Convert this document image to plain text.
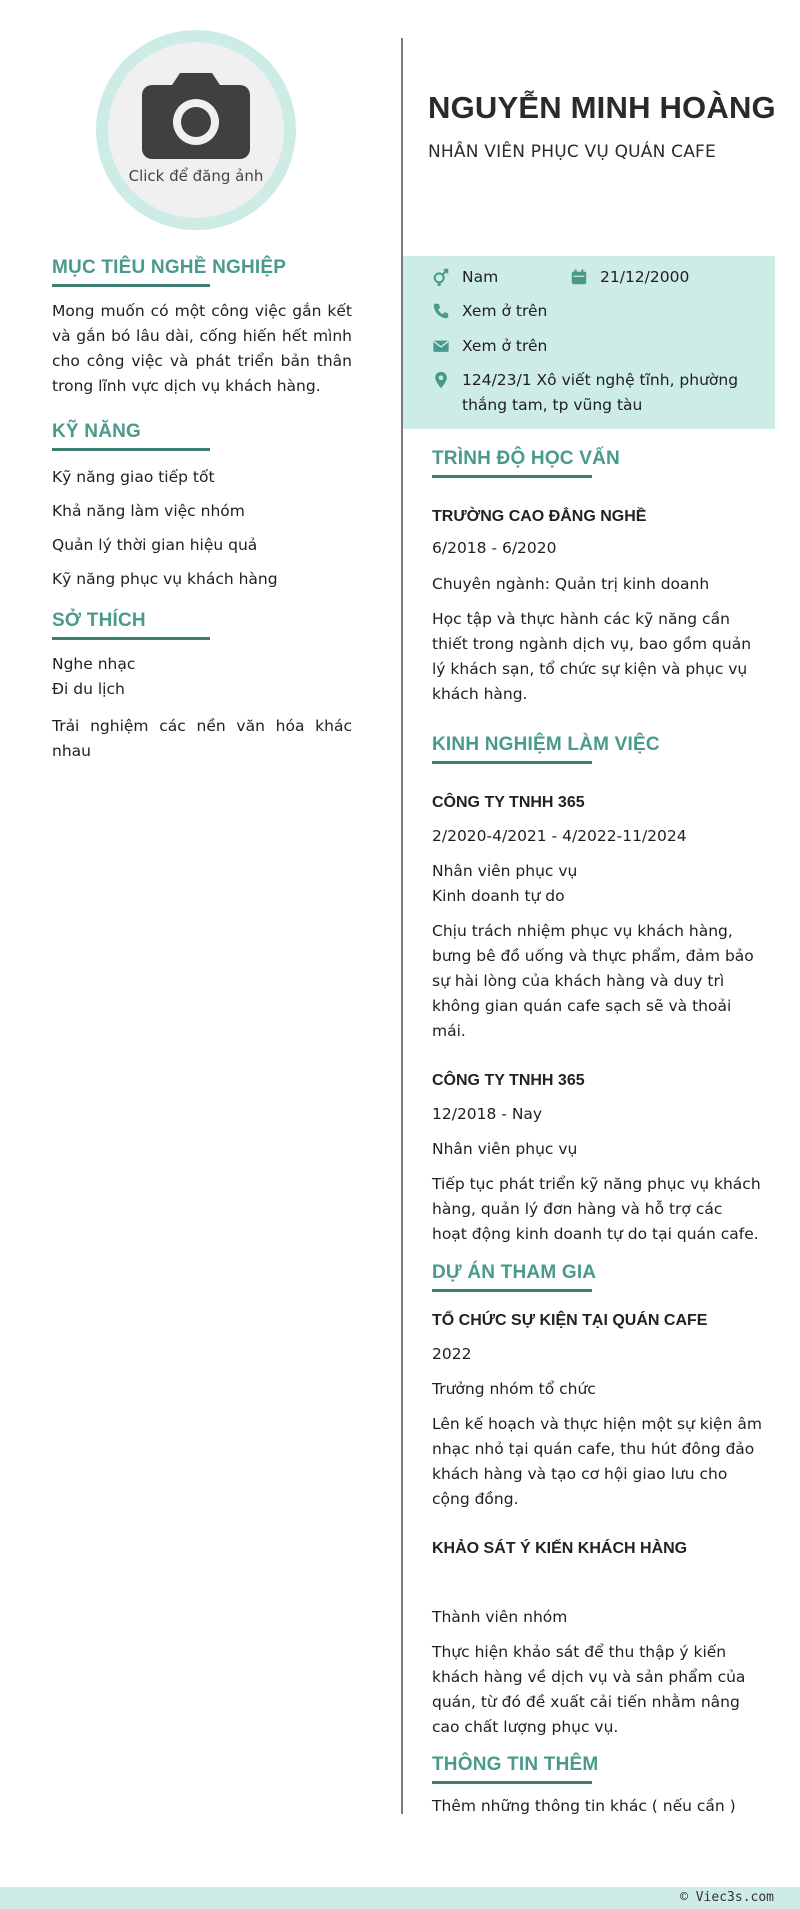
Click để đăng ảnh
NGUYỄN MINH HOÀNG
NHÂN VIÊN PHỤC VỤ QUÁN CAFE
Nam	21/12/2000
Xem ở trên
Xem ở trên
124/23/1 Xô viết nghệ tĩnh, phường
thắng tam, tp vũng tàu
MỤC TIÊU NGHỀ NGHIỆP
Mong muốn có một công việc gắn kết và gắn bó lâu dài, cống hiến hết mình cho công việc và phát triển bản thân trong lĩnh vực dịch vụ khách hàng.
KỸ NĂNG
Kỹ năng giao tiếp tốt
Khả năng làm việc nhóm
Quản lý thời gian hiệu quả
Kỹ năng phục vụ khách hàng
SỞ THÍCH
Nghe nhạc
Đi du lịch
Trải nghiệm các nền văn hóa khác nhau
TRÌNH ĐỘ HỌC VẤN
TRƯỜNG CAO ĐẲNG NGHỀ
6/2018 - 6/2020
Chuyên ngành: Quản trị kinh doanh
Học tập và thực hành các kỹ năng cần thiết trong ngành dịch vụ, bao gồm quản lý khách sạn, tổ chức sự kiện và phục vụ khách hàng.
KINH NGHIỆM LÀM VIỆC
CÔNG TY TNHH 365
2/2020-4/2021 - 4/2022-11/2024
Nhân viên phục vụ
Kinh doanh tự do
Chịu trách nhiệm phục vụ khách hàng, bưng bê đồ uống và thực phẩm, đảm bảo sự hài lòng của khách hàng và duy trì không gian quán cafe sạch sẽ và thoải mái.
CÔNG TY TNHH 365
12/2018 - Nay
Nhân viên phục vụ
Tiếp tục phát triển kỹ năng phục vụ khách hàng, quản lý đơn hàng và hỗ trợ các hoạt động kinh doanh tự do tại quán cafe.
DỰ ÁN THAM GIA
TỔ CHỨC SỰ KIỆN TẠI QUÁN CAFE
2022
Trưởng nhóm tổ chức
Lên kế hoạch và thực hiện một sự kiện âm nhạc nhỏ tại quán cafe, thu hút đông đảo khách hàng và tạo cơ hội giao lưu cho cộng đồng.
KHẢO SÁT Ý KIẾN KHÁCH HÀNG
Thành viên nhóm
Thực hiện khảo sát để thu thập ý kiến khách hàng về dịch vụ và sản phẩm của quán, từ đó đề xuất cải tiến nhằm nâng cao chất lượng phục vụ.
THÔNG TIN THÊM
Thêm những thông tin khác ( nếu cần )
© Viec3s.com
